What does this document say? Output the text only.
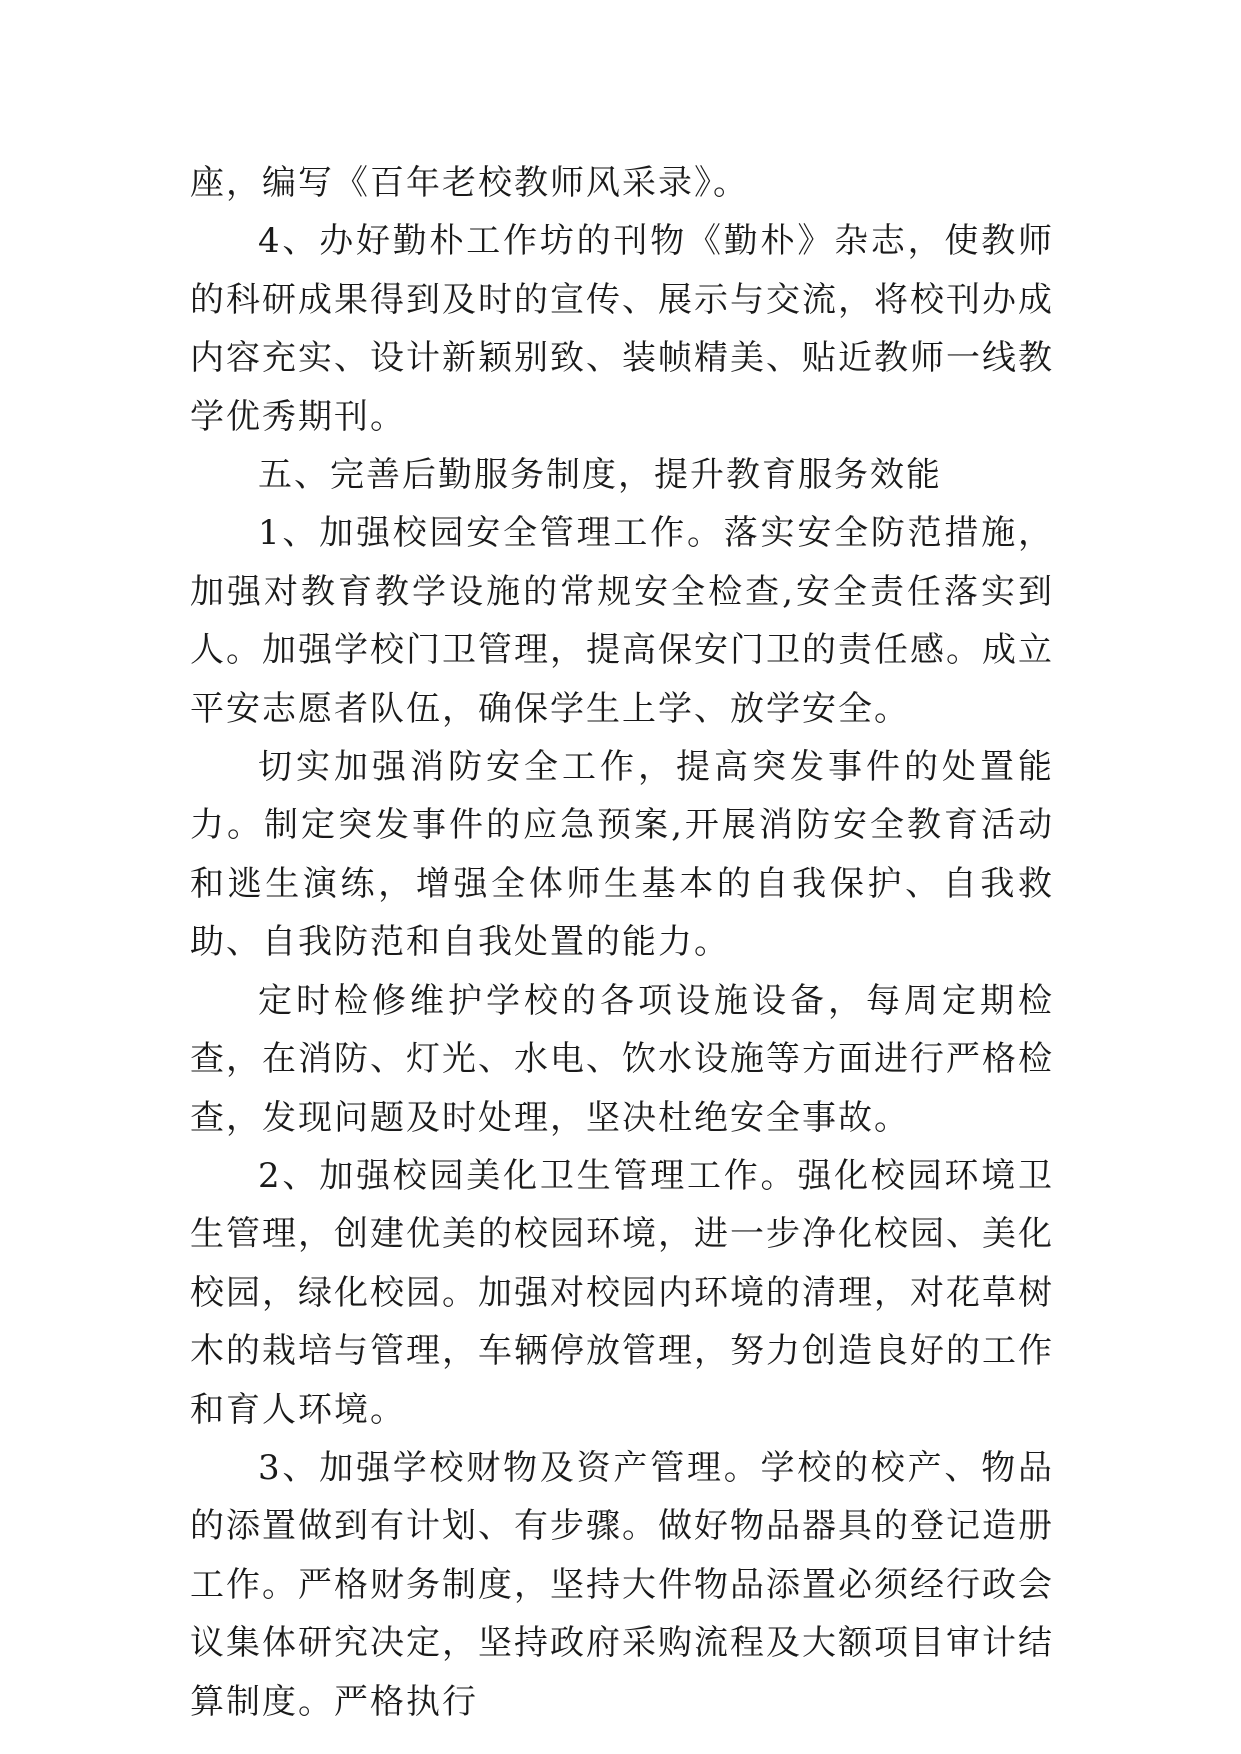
座，编写《百年老校教师风采录》。

4、办好勤朴工作坊的刊物《勤朴》杂志，使教师的科研成果得到及时的宣传、展示与交流，将校刊办成内容充实、设计新颖别致、装帧精美、贴近教师一线教学优秀期刊。

五、完善后勤服务制度，提升教育服务效能

1、加强校园安全管理工作。落实安全防范措施，加强对教育教学设施的常规安全检查,安全责任落实到人。加强学校门卫管理，提高保安门卫的责任感。成立平安志愿者队伍，确保学生上学、放学安全。

切实加强消防安全工作，提高突发事件的处置能力。制定突发事件的应急预案,开展消防安全教育活动和逃生演练，增强全体师生基本的自我保护、自我救助、自我防范和自我处置的能力。

定时检修维护学校的各项设施设备，每周定期检查，在消防、灯光、水电、饮水设施等方面进行严格检查，发现问题及时处理，坚决杜绝安全事故。

2、加强校园美化卫生管理工作。强化校园环境卫生管理，创建优美的校园环境，进一步净化校园、美化校园，绿化校园。加强对校园内环境的清理，对花草树木的栽培与管理，车辆停放管理，努力创造良好的工作和育人环境。

3、加强学校财物及资产管理。学校的校产、物品的添置做到有计划、有步骤。做好物品器具的登记造册工作。严格财务制度，坚持大件物品添置必须经行政会议集体研究决定，坚持政府采购流程及大额项目审计结算制度。严格执行
